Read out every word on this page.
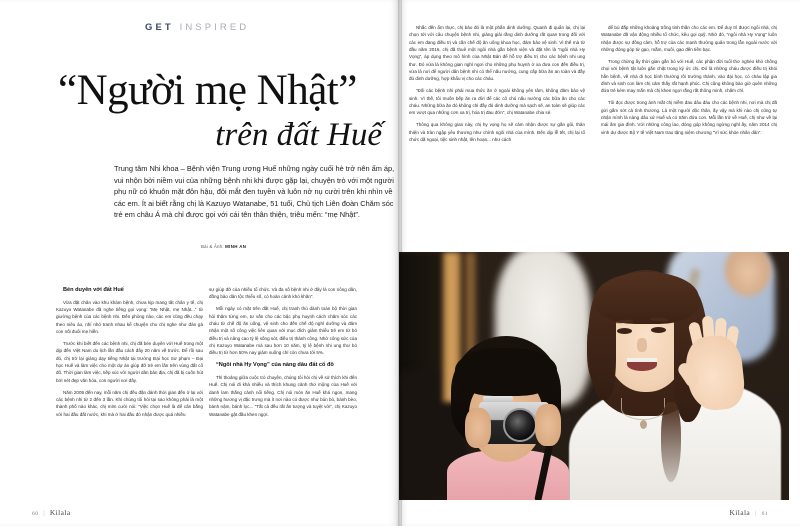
GET INSPIRED
“Người mẹ Nhật”
trên đất Huế
Trung tâm Nhi khoa – Bệnh viện Trung ương Huế những ngày cuối hè trở nên ấm áp, vui nhộn bởi niềm vui của những bệnh nhi khi được gặp lại, chuyện trò với một người phụ nữ có khuôn mặt đôn hậu, đôi mắt đen tuyền và luôn nở nụ cười trên khi nhìn về các em. Ít ai biết rằng chị là Kazuyo Watanabe, 51 tuổi, Chủ tịch Liên đoàn Chăm sóc trẻ em châu Á mà chỉ được gọi với cái tên thân thiện, triêu mến: “mẹ Nhật”.
Bài & Ảnh: MINH AN

Bén duyên với đất Huế

Vừa đặt chân vào khu khám bệnh, chưa kịp mang tất chân y tế, chị Kazuyo Watanabe đã nghe tiếng gọi vọng: “Mẹ Nhật, mẹ Nhật...” từ giường bệnh của các bệnh nhi. Đến phòng nào, các em cũng đều chạy theo niêu áo, nhí nhỏ tranh nhau kể chuyện cho chị nghe như đàn gà con nối đuôi mẹ hiền.

Trước khi biết đến các bệnh nhi, chị đã bén duyên với Huế trong một dịp đến Việt Nam du lịch lần đầu cách đây 20 năm về trước. Để rồi sau đó, chị trở lại giảng dạy tiếng Nhật tại trường Đại học Sư phạm – Đại học Huế và làm việc cho một dự án giúp đỡ trẻ em lần trên vùng đất cố đô. Thời gian làm việc, tiếp xúc với người dân bản địa, chị đã bị cuốn hút bởi nét đẹp văn hóa, con người nơi đây.

Năm 2005 đến nay, mỗi năm chị đều đặn dành thời gian đến ở lại với các bệnh nhi từ 2 đến 3 lần. Khi chúng tôi hỏi tại sao không phải là một thành phố nào khác, chị mỉm cười nói: “Việc chọn Huế là để cân bằng với hai đầu đất nước, khi mà ở hai đầu đó nhận được quá nhiều

sự giúp đỡ của nhiều tổ chức. Và đa số bệnh nhi ở đây là con nông dân, đồng bào dân tộc thiểu số, có hoàn cảnh khó khăn”.

Mỗi ngày có mặt trên đất Huế, chị tranh thủ dành toàn bộ thời gian hỏi thăm từng em, tư vấn cho các bậc phụ huynh cách chăm sóc các cháu từ chế độ ăn uống, vệ sinh cho đến chế độ nghỉ dưỡng và đảm nhận một số công việc liên quan với mục đích giảm thiểu trẻ em từ bỏ điều trị và nâng cao tỷ lệ sống sót, điều trị thành công. Nhờ công sức của chị Kazuyo Watanabe mà sau hơn 10 năm, tỷ lệ bệnh nhi ung thư bỏ điều trị từ hơn 50% nay giảm xuống chỉ còn chưa tới 5%.

“Ngôi nhà Hy Vọng” của nàng dâu đất cố đô

Thỉ thoảng giữa cuộc trò chuyện, chúng tôi hỏi chị về sở thích khi đến Huế. Chị nói đi khá nhiều và thích khung cảnh thơ mộng của Huế với danh lam thắng cảnh nổi tiếng. Chị nói món ăn Huế khá ngon, mang những hương vị đặc trưng mà ít nơi nào có được như bún bò, bánh bèo, bánh nậm, bánh lọc... “Tất cả đều rất ấn tượng và tuyệt vời”, chị Kazuyo Watanabe gật đầu khen ngợi.

60 | Kilala

Nhắc đến ẩm thực, chị bảo đó là một phần dinh dưỡng. Quanh đi quẩn lại, chị lại chọn tới với câu chuyện bệnh nhi, giảng giải rằng dinh dưỡng rất quan trong đối với các em đang điều trị và cần chế độ ăn uống khoa học, đảm bảo vệ sinh. Vì thế mà từ đầu năm 2016, chị đã thuê một ngôi nhà gần bệnh viện và đặt tên là “ngôi nhà Hy Vọng”, áp dụng theo mô hình của Nhật Bản để hỗ trợ điều trị cho các bệnh nhi ung thư. Đó vừa là không gian nghỉ ngơi cho những phụ huynh ở xa đưa con đến điều trị, vừa là nơi để người dân bệnh nhi có thể nấu nướng, cung cấp bữa ăn an toàn và đầy đủ dinh dưỡng, hợp khẩu vị cho các cháu.

“Đối các bệnh nhi phải mua thức ăn ở ngoài không yên tâm, không đảm bảo vệ sinh. Vì thế, tôi muốn bếp ăn ra đời để các cô chú nấu nướng các bữa ăn cho các cháu. Những bữa ăn đó không chỉ đầy đủ dinh dưỡng mà sạch sẽ, an toàn sẽ giúp các em vượt qua những cơn xa trị, hóa trị đau đớn”, chị Watanabe chia sẻ.

Thông qua không gian này, chị hy vọng họ sẽ cảm nhận được sự gần gũi, thân thiện và tràn ngập yêu thương như chính ngôi nhà của mình. Đến dịp lễ tết, chị lại tổ chức dã ngoại, tiệc sinh nhật, lên hoạn... như cách

để bù đắp những khoảng trống tinh thần cho các em. Để duy trì được ngôi nhà, chị Watanabe đã vận động nhiều tổ chức, kêu gọi quỹ. Nhờ đó, “ngôi nhà Hy Vọng” luôn nhận được sự đồng cảm, hỗ trợ của các mạnh thường quân trong lẫn ngoài nước với những đóng góp từ gạo, mắm, muối, gạo đến tiền bạc.

Trong chừng ấy thời gian gắn bó với Huế, các phận đời tuổi thơ nghèo khó chống chọi với bệnh tật luôn gắn chặt trong ký ức chị. Đó là những cháu được điều trị khỏi hẳn bệnh, về nhà đi học bình thường rồi trưởng thành, vào đại học, có cháu lập gia đình và sinh con làm chị cảm thấy rất hạnh phúc. Chị cũng không bào giờ quên những đứa trẻ kém may mắn mà chị khen ngợi rằng rất thông minh, chăm chỉ.

Tôi đọc được trong ánh mắt chị niềm đau dâu đáu cho các bệnh nhi, nơi mà chị đã gửi gắm sớt cả tình thương. Là một người độc thân, ấy vậy mà khi nào chị cũng tự nhận mình là nàng dâu xứ Huế và có trăm đứa con. Mỗi lần trở về Huế, chị như về lại mái ấm gia đình. Với những công lao, đóng góp không ngừng nghỉ ấy, năm 2014 chị vinh dự được Bộ Y tế Việt Nam trao tặng niệm chương “Vì sức khỏe nhân dân”.

Kilala | 61
